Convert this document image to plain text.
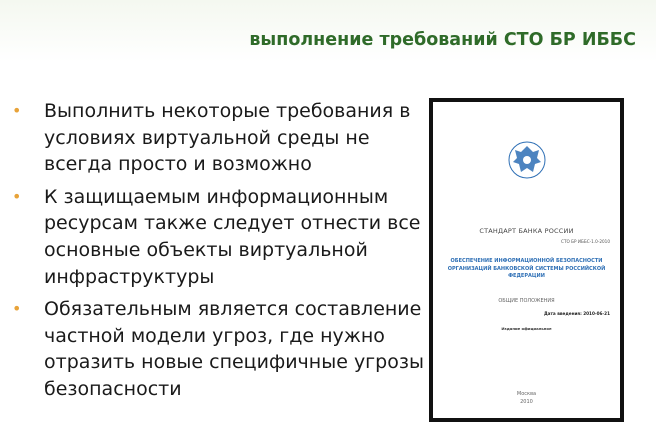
выполнение требований СТО БР ИББС
• Выполнить некоторые требования в условиях виртуальной среды не всегда просто и возможно
• К защищаемым информационным ресурсам также следует отнести все основные объекты виртуальной инфраструктуры
• Обязательным является составление частной модели угроз, где нужно отразить новые специфичные угрозы безопасности
СТАНДАРТ БАНКА РОССИИ
СТО БР ИББС-1.0-2010
ОБЕСПЕЧЕНИЕ ИНФОРМАЦИОННОЙ БЕЗОПАСНОСТИ ОРГАНИЗАЦИЙ БАНКОВСКОЙ СИСТЕМЫ РОССИЙСКОЙ ФЕДЕРАЦИИ
ОБЩИЕ ПОЛОЖЕНИЯ
Дата введения: 2010-06-21
Издание официальное
Москва
2010
